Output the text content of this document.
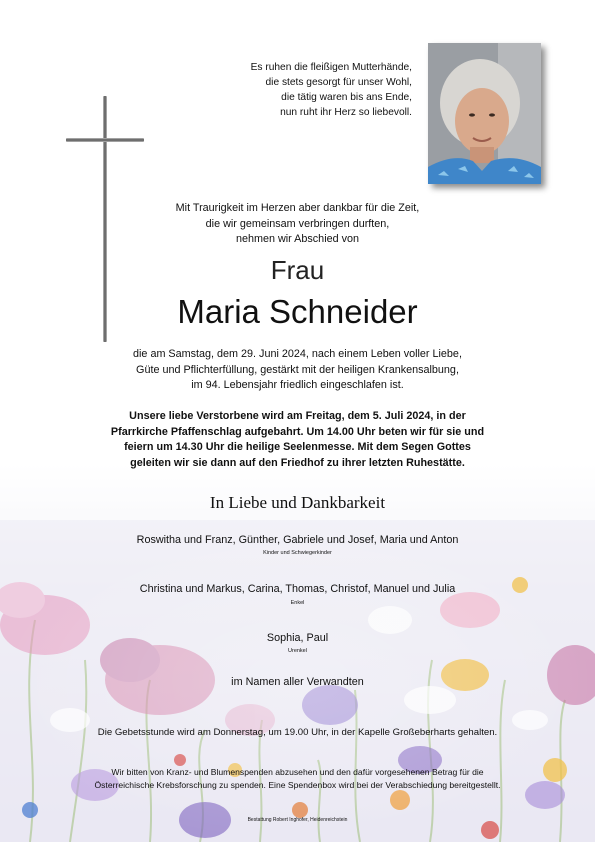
Es ruhen die fleißigen Mutterhände,
die stets gesorgt für unser Wohl,
die tätig waren bis ans Ende,
nun ruht ihr Herz so liebevoll.
Mit Traurigkeit im Herzen aber dankbar für die Zeit,
die wir gemeinsam verbringen durften,
nehmen wir Abschied von
Frau
Maria Schneider
die am Samstag, dem 29. Juni 2024, nach einem Leben voller Liebe,
Güte und Pflichterfüllung, gestärkt mit der heiligen Krankensalbung,
im 94. Lebensjahr friedlich eingeschlafen ist.
Unsere liebe Verstorbene wird am Freitag, dem 5. Juli 2024, in der
Pfarrkirche Pfaffenschlag aufgebahrt. Um 14.00 Uhr beten wir für sie und
feiern um 14.30 Uhr die heilige Seelenmesse. Mit dem Segen Gottes
geleiten wir sie dann auf den Friedhof zu ihrer letzten Ruhestätte.
In Liebe und Dankbarkeit
Roswitha und Franz, Günther, Gabriele und Josef, Maria und Anton
Kinder und Schwiegerkinder
Christina und Markus, Carina, Thomas, Christof, Manuel und Julia
Enkel
Sophia, Paul
Urenkel
im Namen aller Verwandten
Die Gebetsstunde wird am Donnerstag, um 19.00 Uhr, in der Kapelle Großeberharts gehalten.
Wir bitten von Kranz- und Blumenspenden abzusehen und den dafür vorgesehenen Betrag für die
Österreichische Krebsforschung zu spenden. Eine Spendenbox wird bei der Verabschiedung bereitgestellt.
Bestattung Robert Inghofer, Heidenreichstein
